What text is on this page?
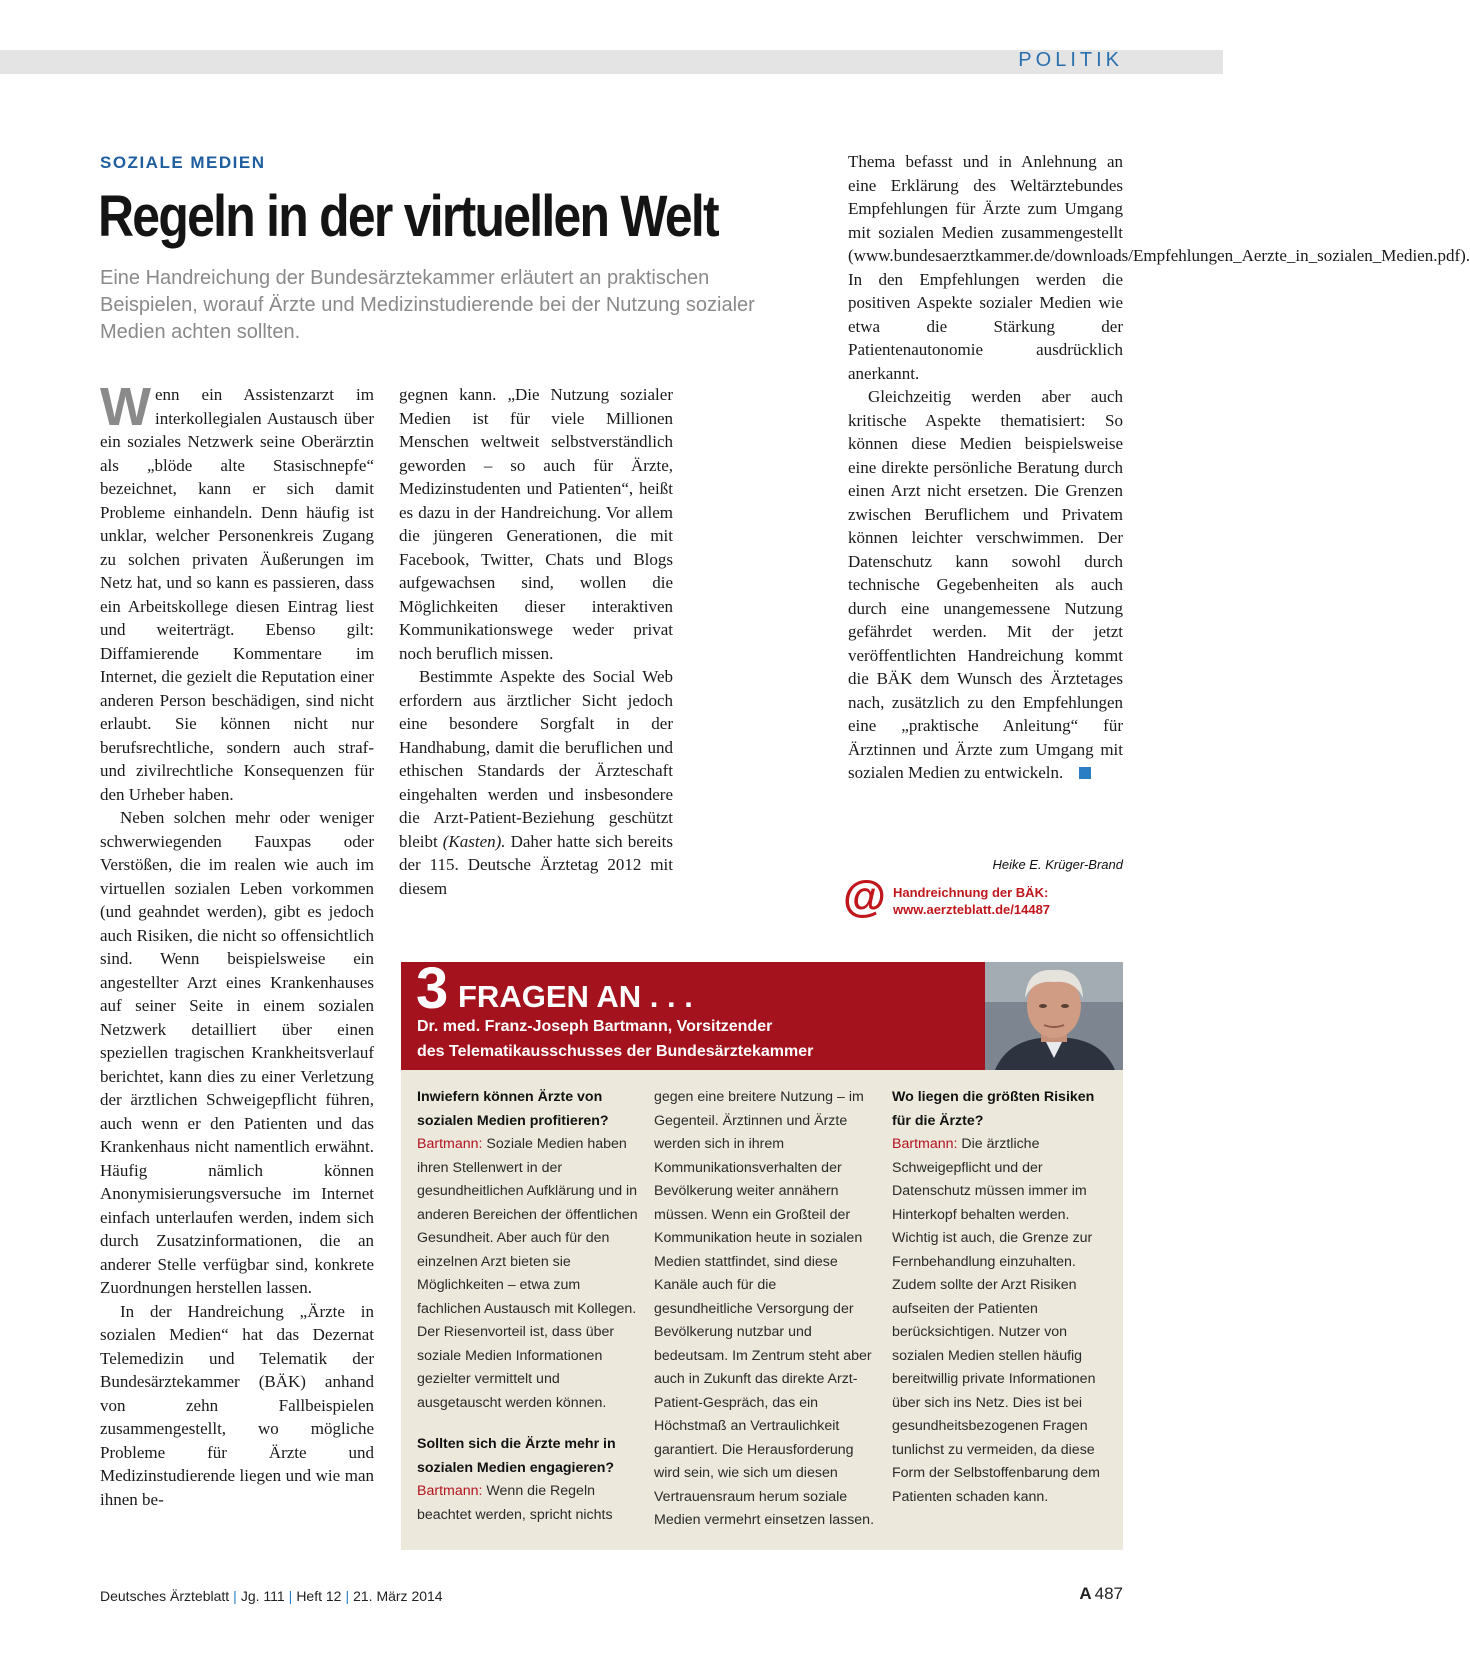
POLITIK
SOZIALE MEDIEN
Regeln in der virtuellen Welt
Eine Handreichung der Bundesärztekammer erläutert an praktischen Beispielen, worauf Ärzte und Medizinstudierende bei der Nutzung sozialer Medien achten sollten.

Wenn ein Assistenzarzt im interkollegialen Austausch über ein soziales Netzwerk seine Oberärztin als „blöde alte Stasischnepfe“ bezeichnet, kann er sich damit Probleme einhandeln. Denn häufig ist unklar, welcher Personenkreis Zugang zu solchen privaten Äußerungen im Netz hat, und so kann es passieren, dass ein Arbeitskollege diesen Eintrag liest und weiterträgt. Ebenso gilt: Diffamierende Kommentare im Internet, die gezielt die Reputation einer anderen Person beschädigen, sind nicht erlaubt. Sie können nicht nur berufsrechtliche, sondern auch straf- und zivilrechtliche Konsequenzen für den Urheber haben.

Neben solchen mehr oder weniger schwerwiegenden Fauxpas oder Verstößen, die im realen wie auch im virtuellen sozialen Leben vorkommen (und geahndet werden), gibt es jedoch auch Risiken, die nicht so offensichtlich sind. Wenn beispielsweise ein angestellter Arzt eines Krankenhauses auf seiner Seite in einem sozialen Netzwerk detailliert über einen speziellen tragischen Krankheitsverlauf berichtet, kann dies zu einer Verletzung der ärztlichen Schweigepflicht führen, auch wenn er den Patienten und das Krankenhaus nicht namentlich erwähnt. Häufig nämlich können Anonymisierungsversuche im Internet einfach unterlaufen werden, indem sich durch Zusatzinformationen, die an anderer Stelle verfügbar sind, konkrete Zuordnungen herstellen lassen.

In der Handreichung „Ärzte in sozialen Medien“ hat das Dezernat Telemedizin und Telematik der Bundesärztekammer (BÄK) anhand von zehn Fallbeispielen zusammengestellt, wo mögliche Probleme für Ärzte und Medizinstudierende liegen und wie man ihnen be-

gegnen kann. „Die Nutzung sozialer Medien ist für viele Millionen Menschen weltweit selbstverständlich geworden – so auch für Ärzte, Medizinstudenten und Patienten“, heißt es dazu in der Handreichung. Vor allem die jüngeren Generationen, die mit Facebook, Twitter, Chats und Blogs aufgewachsen sind, wollen die Möglichkeiten dieser interaktiven Kommunikationswege weder privat noch beruflich missen.

Bestimmte Aspekte des Social Web erfordern aus ärztlicher Sicht jedoch eine besondere Sorgfalt in der Handhabung, damit die beruflichen und ethischen Standards der Ärzteschaft eingehalten werden und insbesondere die Arzt-Patient-Beziehung geschützt bleibt (Kasten). Daher hatte sich bereits der 115. Deutsche Ärztetag 2012 mit diesem

Thema befasst und in Anlehnung an eine Erklärung des Weltärztebundes Empfehlungen für Ärzte zum Umgang mit sozialen Medien zusammengestellt (www.bundesaerztkammer.de/downloads/Empfehlungen_Aerzte_in_sozialen_Medien.pdf). In den Empfehlungen werden die positiven Aspekte sozialer Medien wie etwa die Stärkung der Patientenautonomie ausdrücklich anerkannt.

Gleichzeitig werden aber auch kritische Aspekte thematisiert: So können diese Medien beispielsweise eine direkte persönliche Beratung durch einen Arzt nicht ersetzen. Die Grenzen zwischen Beruflichem und Privatem können leichter verschwimmen. Der Datenschutz kann sowohl durch technische Gegebenheiten als auch durch eine unangemessene Nutzung gefährdet werden. Mit der jetzt veröffentlichten Handreichung kommt die BÄK dem Wunsch des Ärztetages nach, zusätzlich zu den Empfehlungen eine „praktische Anleitung“ für Ärztinnen und Ärzte zum Umgang mit sozialen Medien zu entwickeln.

Heike E. Krüger-Brand
@ Handreichnung der BÄK:
www.aerzteblatt.de/14487
3 FRAGEN AN . . .
Dr. med. Franz-Joseph Bartmann, Vorsitzender
des Telematikausschusses der Bundesärztekammer

Inwiefern können Ärzte von sozialen Medien profitieren?

Bartmann: Soziale Medien haben ihren Stellenwert in der gesundheitlichen Aufklärung und in anderen Bereichen der öffentlichen Gesundheit. Aber auch für den einzelnen Arzt bieten sie Möglichkeiten – etwa zum fachlichen Austausch mit Kollegen. Der Riesenvorteil ist, dass über soziale Medien Informationen gezielter vermittelt und ausgetauscht werden können.

Sollten sich die Ärzte mehr in sozialen Medien engagieren?

Bartmann: Wenn die Regeln beachtet werden, spricht nichts

gegen eine breitere Nutzung – im Gegenteil. Ärztinnen und Ärzte werden sich in ihrem Kommunikationsverhalten der Bevölkerung weiter annähern müssen. Wenn ein Großteil der Kommunikation heute in sozialen Medien stattfindet, sind diese Kanäle auch für die gesundheitliche Versorgung der Bevölkerung nutzbar und bedeutsam. Im Zentrum steht aber auch in Zukunft das direkte Arzt-Patient-Gespräch, das ein Höchstmaß an Vertraulichkeit garantiert. Die Herausforderung wird sein, wie sich um diesen Vertrauensraum herum soziale Medien vermehrt einsetzen lassen.

Wo liegen die größten Risiken für die Ärzte?

Bartmann: Die ärztliche Schweigepflicht und der Datenschutz müssen immer im Hinterkopf behalten werden. Wichtig ist auch, die Grenze zur Fernbehandlung einzuhalten. Zudem sollte der Arzt Risiken aufseiten der Patienten berücksichtigen. Nutzer von sozialen Medien stellen häufig bereitwillig private Informationen über sich ins Netz. Dies ist bei gesundheitsbezogenen Fragen tunlichst zu vermeiden, da diese Form der Selbstoffenbarung dem Patienten schaden kann.

Deutsches Ärzteblatt | Jg. 111 | Heft 12 | 21. März 2014	A 487
